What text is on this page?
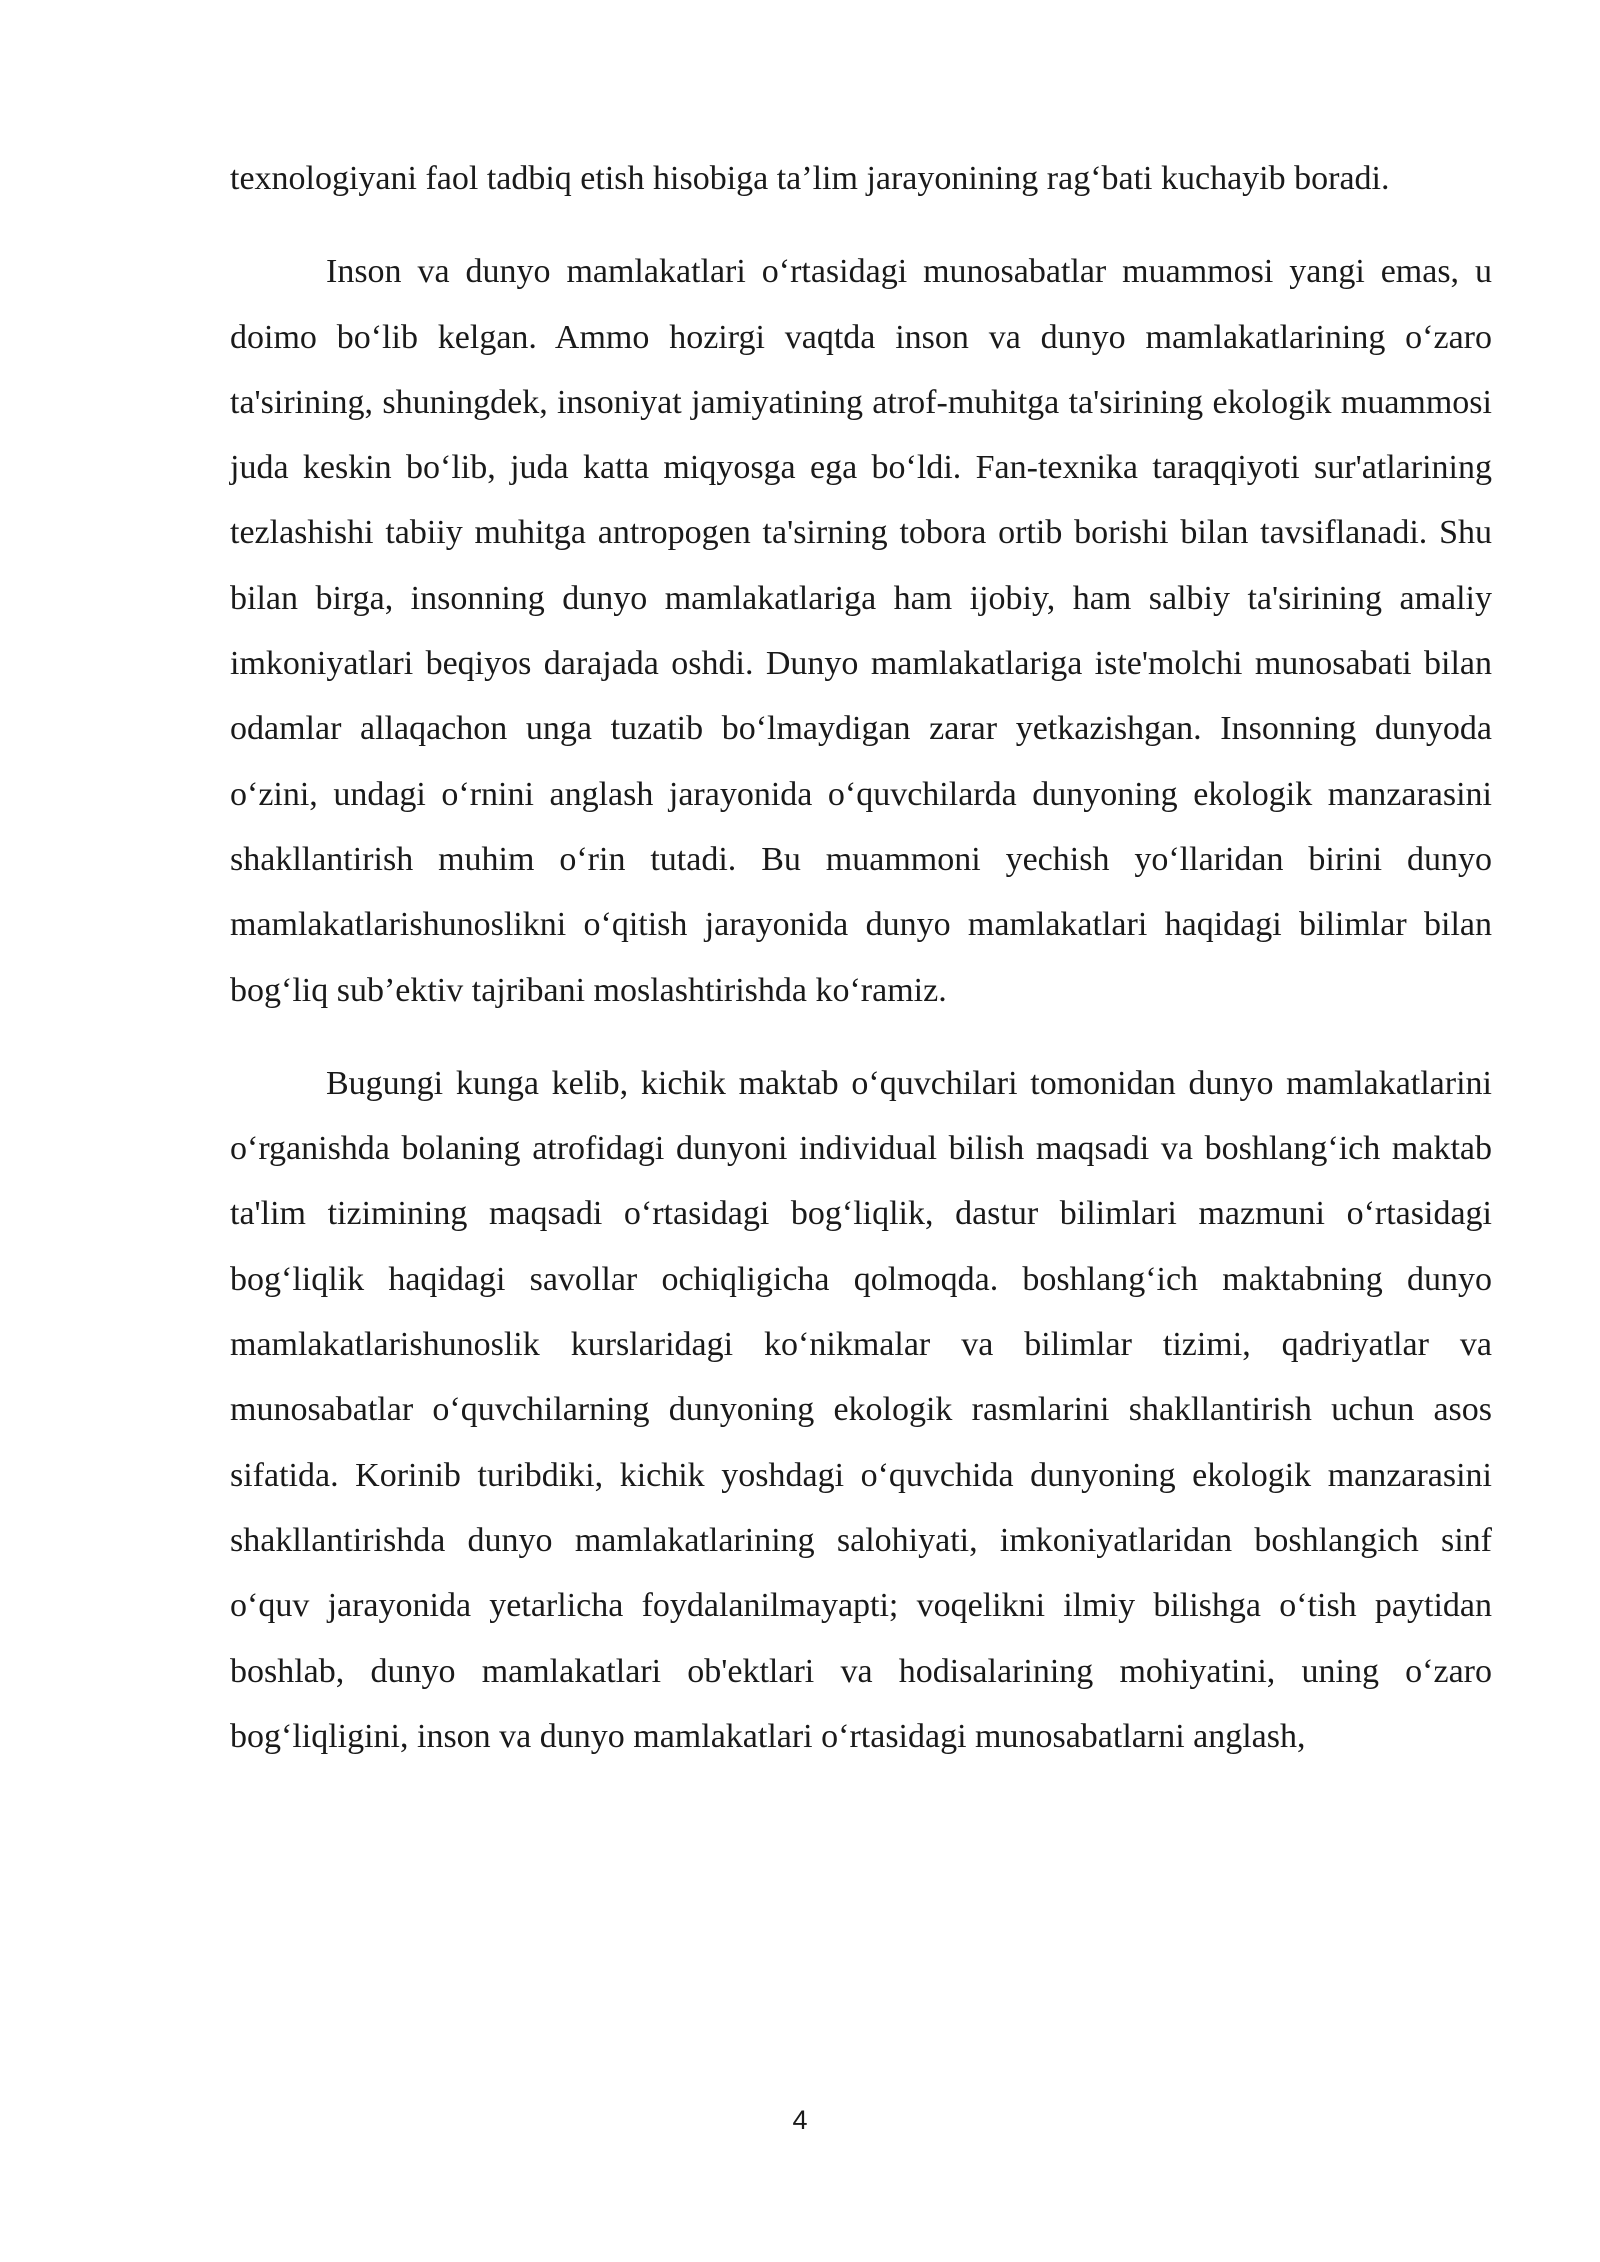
texnologiyani faol tadbiq etish hisobiga ta’lim jarayonining rag‘bati kuchayib boradi.

Inson va dunyo mamlakatlari o‘rtasidagi munosabatlar muammosi yangi emas, u doimo bo‘lib kelgan. Ammo hozirgi vaqtda inson va dunyo mamlakatlarining o‘zaro ta'sirining, shuningdek, insoniyat jamiyatining atrof-muhitga ta'sirining ekologik muammosi juda keskin bo‘lib, juda katta miqyosga ega bo‘ldi. Fan-texnika taraqqiyoti sur'atlarining tezlashishi tabiiy muhitga antropogen ta'sirning tobora ortib borishi bilan tavsiflanadi. Shu bilan birga, insonning dunyo mamlakatlariga ham ijobiy, ham salbiy ta'sirining amaliy imkoniyatlari beqiyos darajada oshdi. Dunyo mamlakatlariga iste'molchi munosabati bilan odamlar allaqachon unga tuzatib bo‘lmaydigan zarar yetkazishgan. Insonning dunyoda o‘zini, undagi o‘rnini anglash jarayonida o‘quvchilarda dunyoning ekologik manzarasini shakllantirish muhim o‘rin tutadi. Bu muammoni yechish yo‘llaridan birini dunyo mamlakatlarishunoslikni o‘qitish jarayonida dunyo mamlakatlari haqidagi bilimlar bilan bog‘liq sub’ektiv tajribani moslashtirishda ko‘ramiz.

Bugungi kunga kelib, kichik maktab o‘quvchilari tomonidan dunyo mamlakatlarini o‘rganishda bolaning atrofidagi dunyoni individual bilish maqsadi va boshlang‘ich maktab ta'lim tizimining maqsadi o‘rtasidagi bog‘liqlik, dastur bilimlari mazmuni o‘rtasidagi bog‘liqlik haqidagi savollar ochiqligicha qolmoqda. boshlang‘ich maktabning dunyo mamlakatlarishunoslik kurslaridagi ko‘nikmalar va bilimlar tizimi, qadriyatlar va munosabatlar o‘quvchilarning dunyoning ekologik rasmlarini shakllantirish uchun asos sifatida. Korinib turibdiki, kichik yoshdagi o‘quvchida dunyoning ekologik manzarasini shakllantirishda dunyo mamlakatlarining salohiyati, imkoniyatlaridan boshlangich sinf o‘quv jarayonida yetarlicha foydalanilmayapti; voqelikni ilmiy bilishga o‘tish paytidan boshlab, dunyo mamlakatlari ob'ektlari va hodisalarining mohiyatini, uning o‘zaro bog‘liqligini, inson va dunyo mamlakatlari o‘rtasidagi munosabatlarni anglash,

4
